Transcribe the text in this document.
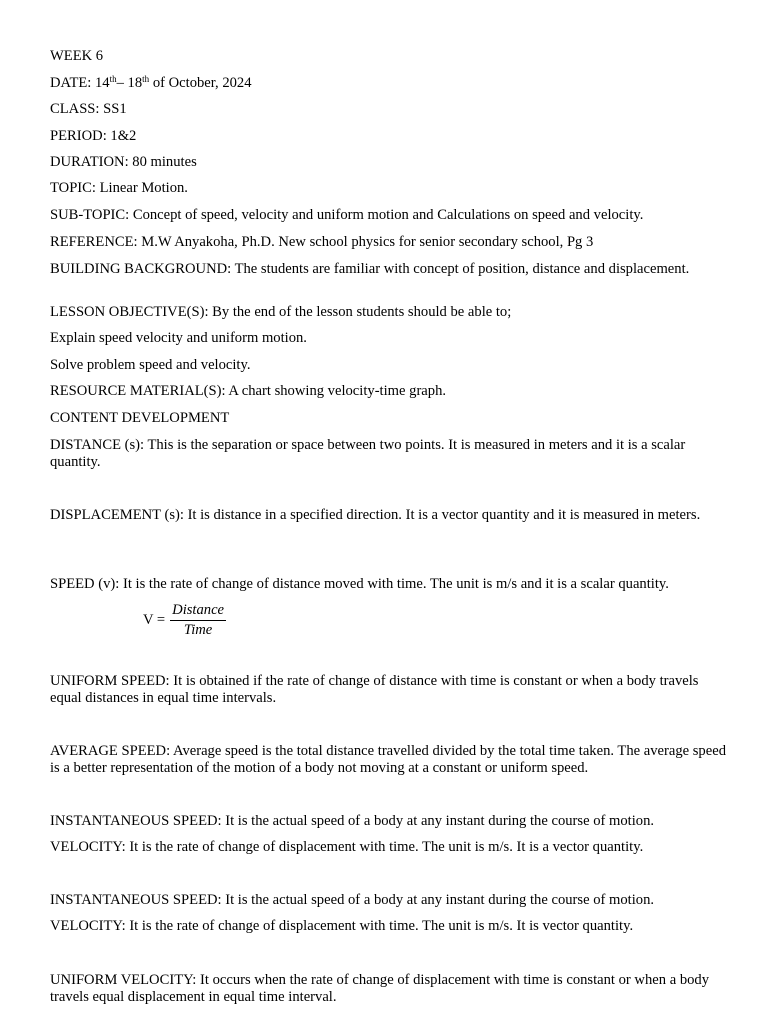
WEEK 6

DATE: 14th– 18th of October, 2024

CLASS: SS1

PERIOD: 1&2

DURATION: 80 minutes

TOPIC: Linear Motion.

SUB-TOPIC: Concept of speed, velocity and uniform motion and Calculations on speed and velocity.

REFERENCE: M.W Anyakoha, Ph.D. New school physics for senior secondary school, Pg 3

BUILDING BACKGROUND: The students are familiar with concept of position, distance and displacement.

LESSON OBJECTIVE(S): By the end of the lesson students should be able to;

Explain speed velocity and uniform motion.

Solve problem speed and velocity.

RESOURCE MATERIAL(S): A chart showing velocity-time graph.

CONTENT DEVELOPMENT

DISTANCE (s): This is the separation or space between two points. It is measured in meters and it is a scalar quantity.

DISPLACEMENT (s): It is distance in a specified direction. It is a vector quantity and it is measured in meters.

SPEED (v): It is the rate of change of distance moved with time. The unit is m/s and it is a scalar quantity.

$V = \frac{\text{Distance}}{\text{Time}}$

UNIFORM SPEED: It is obtained if the rate of change of distance with time is constant or when a body travels equal distances in equal time intervals.

AVERAGE SPEED: Average speed is the total distance travelled divided by the total time taken. The average speed is a better representation of the motion of a body not moving at a constant or uniform speed.

INSTANTANEOUS SPEED: It is the actual speed of a body at any instant during the course of motion.

VELOCITY: It is the rate of change of displacement with time. The unit is m/s. It is a vector quantity.

INSTANTANEOUS SPEED: It is the actual speed of a body at any instant during the course of motion.

VELOCITY: It is the rate of change of displacement with time. The unit is m/s. It is vector quantity.

UNIFORM VELOCITY: It occurs when the rate of change of displacement with time is constant or when a body travels equal displacement in equal time interval.
